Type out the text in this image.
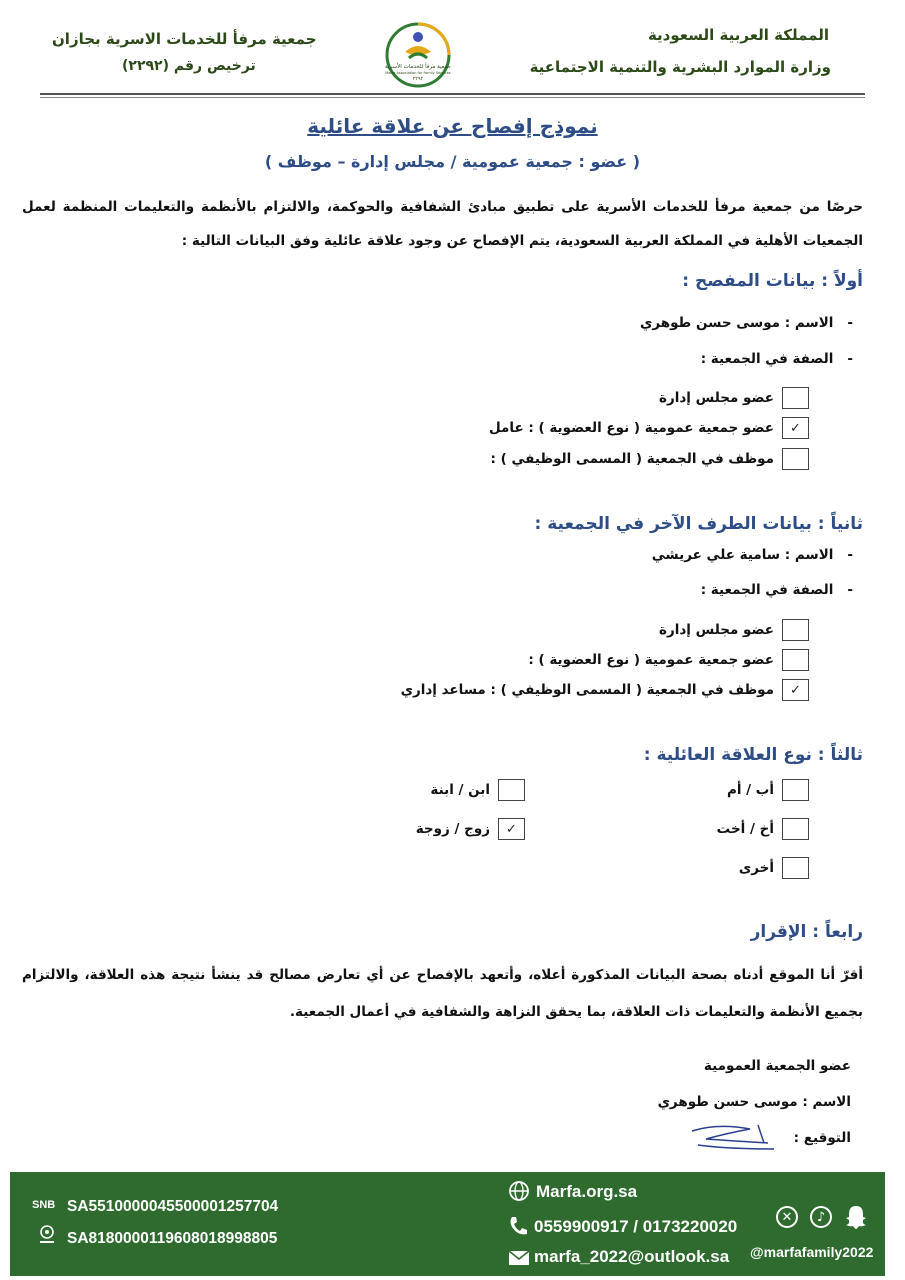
المملكة العربية السعودية
وزارة الموارد البشرية والتنمية الاجتماعية
جمعية مرفأ للخدمات الاسرية بجازان
ترخيص رقم (٢٢٩٢)	جمعية مرفأ للخدمات الأسرية
Marfa Association for Family Services
٢٢٩٢
نموذج إفصاح عن علاقة عائلية
( عضو : جمعية عمومية / مجلس إدارة – موظف )
حرصًا من جمعية مرفأ للخدمات الأسرية على تطبيق مبادئ الشفافية والحوكمة، والالتزام بالأنظمة والتعليمات المنظمة لعمل الجمعيات الأهلية في المملكة العربية السعودية، يتم الإفصاح عن وجود علاقة عائلية وفق البيانات التالية :
أولاً : بيانات المفصح :
-الاسم : موسى حسن طوهري
-الصفة في الجمعية :
عضو مجلس إدارة
✓
عضو جمعية عمومية ( نوع العضوية ) : عامل
موظف في الجمعية ( المسمى الوظيفي ) :
ثانياً : بيانات الطرف الآخر في الجمعية :
-الاسم : سامية علي عريشي
-الصفة في الجمعية :
عضو مجلس إدارة
عضو جمعية عمومية ( نوع العضوية ) :
✓
موظف في الجمعية ( المسمى الوظيفي ) : مساعد إداري
ثالثاً : نوع العلاقة العائلية :
أب / أم
ابن / ابنة
أخ / أخت
✓
زوج / زوجة
أخرى
رابعاً : الإقرار
أقرّ أنا الموقع أدناه بصحة البيانات المذكورة أعلاه، وأتعهد بالإفصاح عن أي تعارض مصالح قد ينشأ نتيجة هذه العلاقة، والالتزام بجميع الأنظمة والتعليمات ذات العلاقة، بما يحقق النزاهة والشفافية في أعمال الجمعية.
عضو الجمعية العمومية
الاسم : موسى حسن طوهري
التوقيع :
SNB SA5510000045500001257704
SA8180000119608018998805
Marfa.org.sa
0559900917 / 0173220020
marfa_2022@outlook.sa
✕	♪
@marfafamily2022
